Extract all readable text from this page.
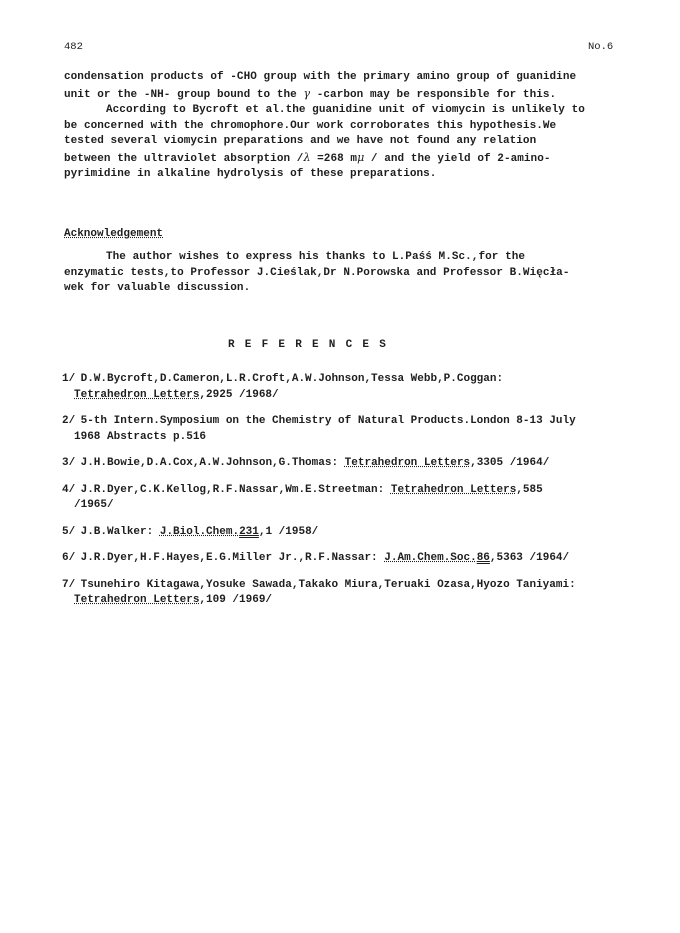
482	No.6

condensation products of -CHO group with the primary amino group of guanidine

unit or the -NH- group bound to the γ -carbon may be responsible for this.

According to Bycroft et al.the guanidine unit of viomycin is unlikely to

be concerned with the chromophore.Our work corroborates this hypothesis.We

tested several viomycin preparations and we have not found any relation

between the ultraviolet absorption /λ =268 mμ / and the yield of 2-amino-

pyrimidine in alkaline hydrolysis of these preparations.

Acknowledgement

The author wishes to express his thanks to L.Paśś M.Sc.,for the

enzymatic tests,to Professor J.Cieślak,Dr N.Porowska and Professor B.Więcła-

wek for valuable discussion.

REFERENCES
1/ D.W.Bycroft,D.Cameron,L.R.Croft,A.W.Johnson,Tessa Webb,P.Coggan:
Tetrahedron Letters,2925 /1968/
2/ 5-th Intern.Symposium on the Chemistry of Natural Products.London 8-13 July
1968 Abstracts p.516
3/ J.H.Bowie,D.A.Cox,A.W.Johnson,G.Thomas: Tetrahedron Letters,3305 /1964/
4/ J.R.Dyer,C.K.Kellog,R.F.Nassar,Wm.E.Streetman: Tetrahedron Letters,585
/1965/
5/ J.B.Walker: J.Biol.Chem.231,1 /1958/
6/ J.R.Dyer,H.F.Hayes,E.G.Miller Jr.,R.F.Nassar: J.Am.Chem.Soc.86,5363 /1964/
7/ Tsunehiro Kitagawa,Yosuke Sawada,Takako Miura,Teruaki Ozasa,Hyozo Taniyami:
Tetrahedron Letters,109 /1969/
